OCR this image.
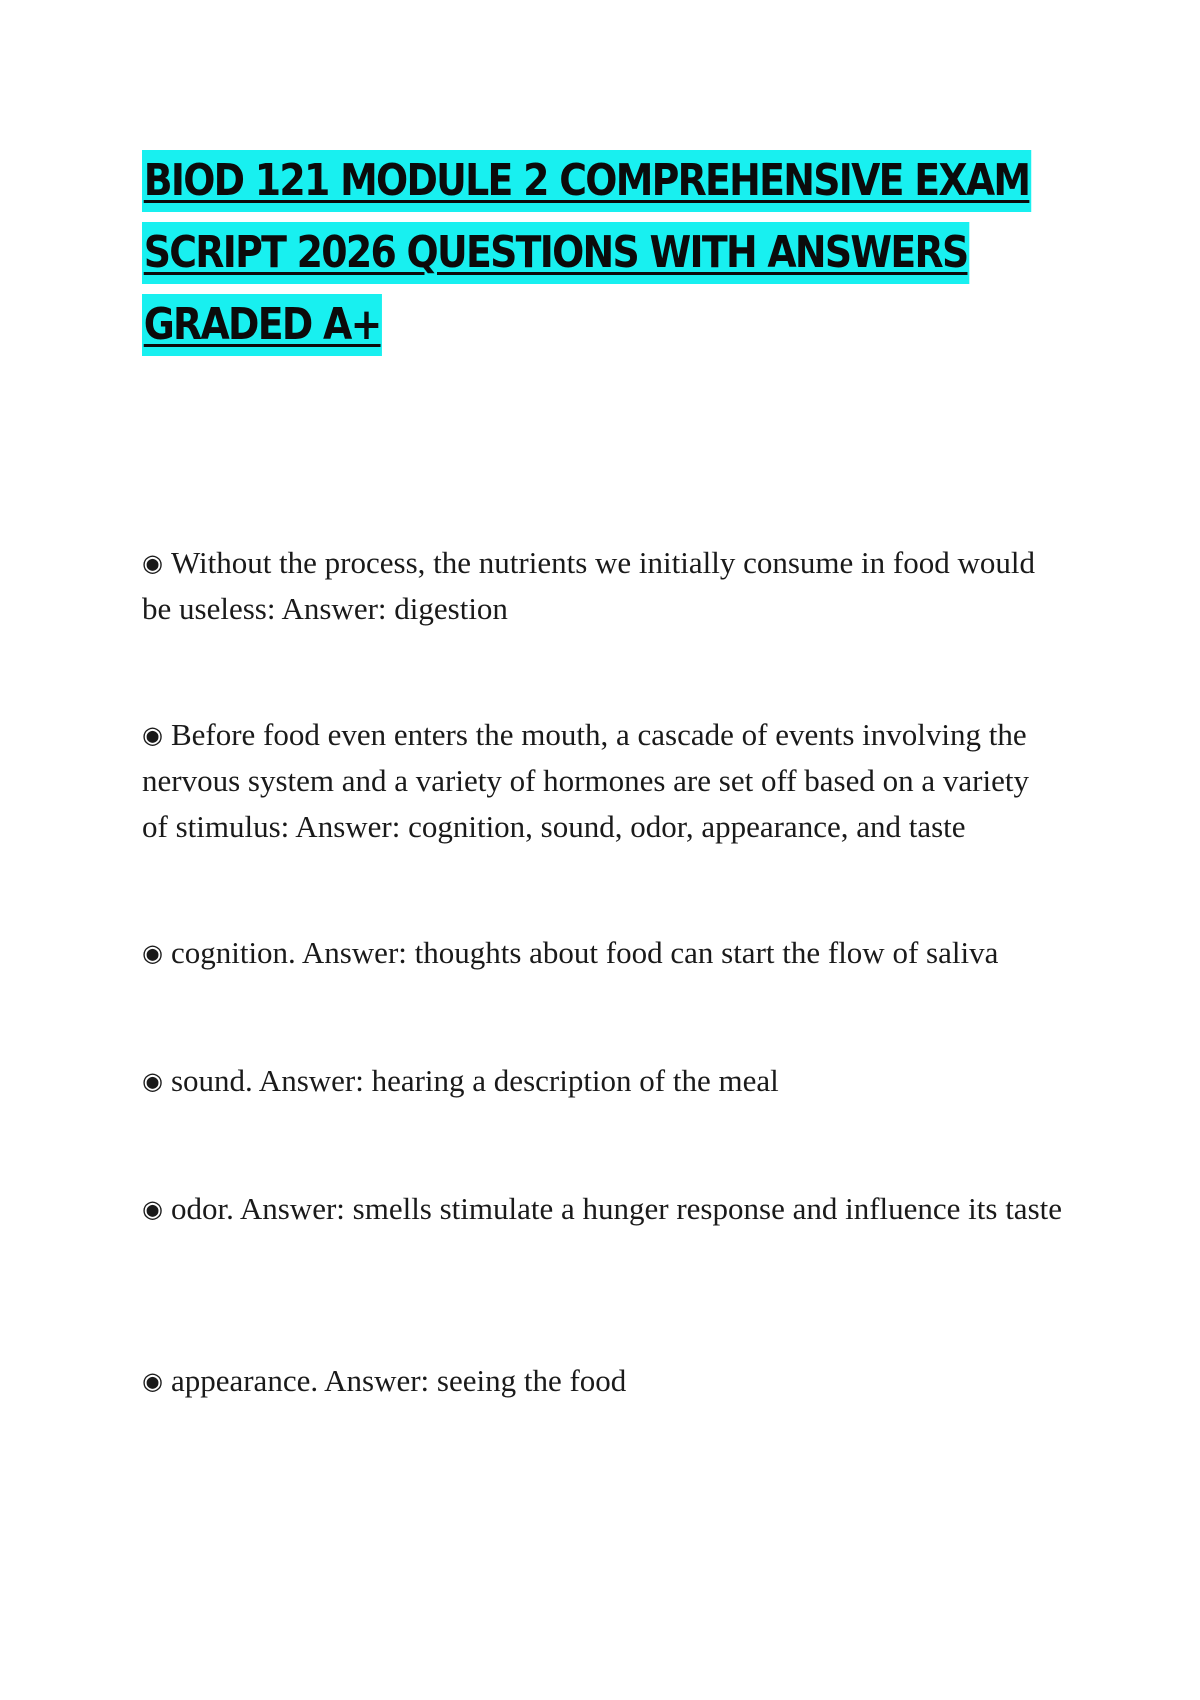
BIOD 121 MODULE 2 COMPREHENSIVE EXAM
SCRIPT 2026 QUESTIONS WITH ANSWERS
GRADED A+
◉ Without the process, the nutrients we initially consume in food would be useless: Answer: digestion
◉ Before food even enters the mouth, a cascade of events involving the nervous system and a variety of hormones are set off based on a variety of stimulus: Answer: cognition, sound, odor, appearance, and taste
◉ cognition. Answer: thoughts about food can start the flow of saliva
◉ sound. Answer: hearing a description of the meal
◉ odor. Answer: smells stimulate a hunger response and influence its taste
◉ appearance. Answer: seeing the food
